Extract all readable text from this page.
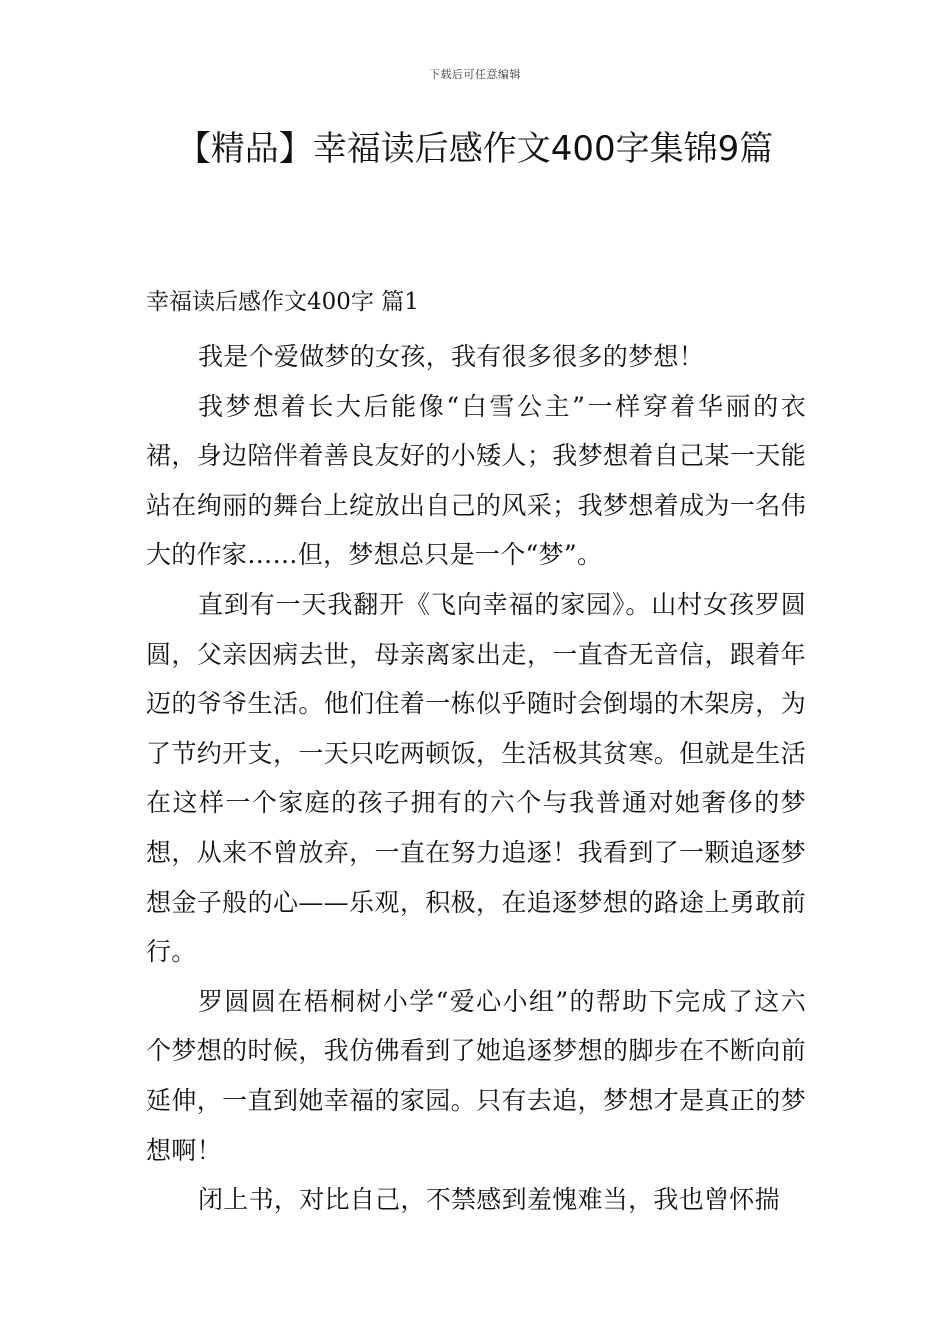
下载后可任意编辑
【精品】幸福读后感作文400字集锦9篇
幸福读后感作文400字 篇1

我是个爱做梦的女孩，我有很多很多的梦想！

我梦想着长大后能像“白雪公主”一样穿着华丽的衣裙，身边陪伴着善良友好的小矮人；我梦想着自己某一天能站在绚丽的舞台上绽放出自己的风采；我梦想着成为一名伟大的作家……但，梦想总只是一个“梦”。

直到有一天我翻开《飞向幸福的家园》。山村女孩罗圆圆，父亲因病去世，母亲离家出走，一直杳无音信，跟着年迈的爷爷生活。他们住着一栋似乎随时会倒塌的木架房，为了节约开支，一天只吃两顿饭，生活极其贫寒。但就是生活在这样一个家庭的孩子拥有的六个与我普通对她奢侈的梦想，从来不曾放弃，一直在努力追逐！我看到了一颗追逐梦想金子般的心——乐观，积极，在追逐梦想的路途上勇敢前行。

罗圆圆在梧桐树小学“爱心小组”的帮助下完成了这六个梦想的时候，我仿佛看到了她追逐梦想的脚步在不断向前延伸，一直到她幸福的家园。只有去追，梦想才是真正的梦想啊！

闭上书，对比自己，不禁感到羞愧难当，我也曾怀揣
